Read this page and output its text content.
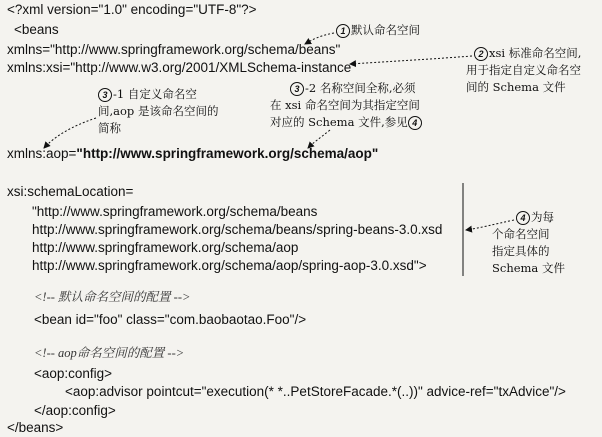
<?xml version="1.0" encoding="UTF-8"?>
<beans
xmlns="http://www.springframework.org/schema/beans"
xmlns:xsi="http://www.w3.org/2001/XMLSchema-instance"
xmlns:aop="http://www.springframework.org/schema/aop"
xsi:schemaLocation=
"http://www.springframework.org/schema/beans
http://www.springframework.org/schema/beans/spring-beans-3.0.xsd
http://www.springframework.org/schema/aop
http://www.springframework.org/schema/aop/spring-aop-3.0.xsd">
<!-- 默认命名空间的配置 -->
<bean id="foo" class="com.baobaotao.Foo"/>
<!-- aop命名空间的配置 -->
<aop:config>
<aop:advisor pointcut="execution(* *..PetStoreFacade.*(..))" advice-ref="txAdvice"/>
</aop:config>
</beans>
1 默认命名空间
2 xsi 标准命名空间,
用于指定自定义命名空
间的 Schema 文件
3 -1 自定义命名空
间,aop 是该命名空间的
简称
3 -2 名称空间全称,必须
在 xsi 命名空间为其指定空间
对应的 Schema 文件,参见 4
4 为每
个命名空间
指定具体的
Schema 文件
